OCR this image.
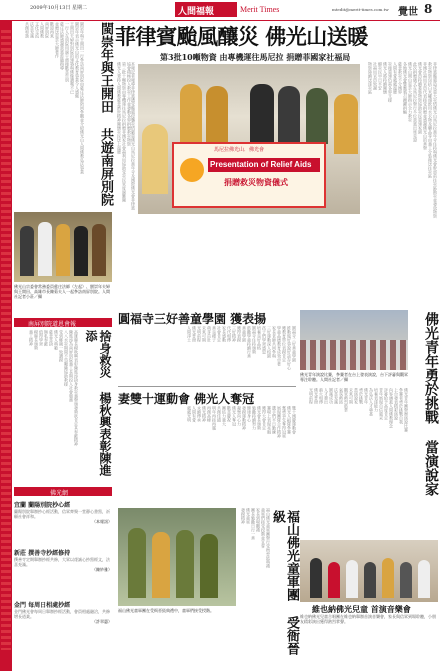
2009年10月13日 星期二	人間福報	Merit Times	mtedit@merit-times.com.tw 覺世 8
菲律賓颱風釀災 佛光山送暖
第3批10噸物資 由專機運往馬尼拉 捐贈菲國家社福局
本報記者報導菲律賓遭受颱風侵襲災情嚴重佛光山馬尼拉萬年寺及國際佛光會菲律賓協會積極投入救災工作並發動各界捐贈救災物資
第三批十噸物資由專機運往馬尼拉捐贈菲國家社會福利局協助受災民眾度過難關
佛光人秉持人間佛教慈悲濟世精神關懷災民送上溫暖	菲律賓颱風造成重大災情佛光山馬尼拉萬年寺住持與佛光會幹部前往災區勘災並發放物資
救災物資包括白米罐頭飲用水衣物及藥品等由義工分裝後送往災區
菲國社福局官員代表接受捐贈並感謝佛光山的善舉
佛光會員持續募集物資協助災民重建家園
此次捐贈儀式在馬尼拉舉行多位貴賓出席見證
佛光山開山星雲大師指示全力救災
各地佛光會響應號召踴躍捐輸
慈悲救災不分國界
人間有愛處處溫暖
災後重建仍需各界支援
佛光人將持續關懷
願災民早日平安
社福局官員致謝
物資陸續送達災區
馬尼拉佛光山．佛光會
Presentation of Relief Aids
捐贈救災物資儀式
閩崇年與王開田一行參訪南屏別院由慈庄法師陪同參觀並介紹佛光山人間佛教弘法事業
閩崇年表示佛光山的文化教育事業令人感佩
王開田夫婦對別院的建築與佛像讚嘆不已
一行人在別院用過午齋後歡喜告別
慈庄法師感謝貴賓蒞臨指導
並贈送星雲大師著作
歡迎再來
南屏別院
人間佛教
文化交流
法喜充滿
共創和諧	閩崇年與王開田 共遊南屏別院
佛光山宗委會常務委員慈庄法師（左起）、閩崇年夫婦與王開田、高雄市長陳菊夫人一起參訪南屏別院。人間社記者小莊／攝
南屏別院道恩會報
高雄縣長楊秋興表彰陳進添捨身救災義舉頒發獎狀肯定其奉獻精神
陳進添為南屏別院義工長期投入社會服務
八八水災期間不畏艱險協助救援
受到鄉親一致讚揚
佛光人典範
慈悲喜捨
無私奉獻
值得學習
楊縣長頒獎
義工精神	捨身救災 楊秋興表彰陳進添
佛光網
宜蘭 蘭陽別院抄心經
蘭陽別院舉辦抄心經活動，信眾齊聚一堂靜心書寫，祈願社會祥和。
（本報訊）
新莊 撰善寺抄經修持
撰善寺定期舉辦抄經共修，大眾以虔誠心抄寫經文，法喜充滿。
（陳妙雅）
金門 每周日相處抄經
金門佛光會每周日舉辦抄經活動，會員相處融洽，共修增長道業。
（許翠惠）
圓福寺三好善童學園 獲表揚
圓福寺三好善童學園
推動做好事說好話存好心
獲教育單位表揚肯定
學童品德教育成效卓著
家長老師共同參與
三好運動深入校園
孩子們學習感恩
培養良好品格
圓福寺住持頒獎
鼓勵學童持續行善
善童學園
獲得表揚
三好精神
代代相傳
家長感動
社會肯定
善良種子
萌芽茁壯
未來可期
光明前程
佛光普照
人間淨土
妻雙十運動會 佛光人奪冠
雙十國慶運動會
佛光人組隊參賽
奮勇爭先奪得冠軍
展現團隊合作精神
選手們平日勤練
賽場上表現亮眼
獲得大會肯定
佛光會長頒獎
勉勵持續努力
健康身心
發揚運動精神
凝聚向心力
佛光人奪冠
歡喜慶祝
團結力量大
共創佳績
明年再接再厲
再創高峰
佛光精神
永續傳承
人間有愛
處處光明
福山佛光童軍團在受衙晉級典禮中，童軍們接受授階。
福山佛光童軍團舉行受衙晉級典禮
童軍們接受授階並宣誓
家長到場觀禮
團長勉勵日行一善
佛光童軍
發揚精神	福山佛光童軍團 受衙晉級
佛光青年演說比賽，參賽者在台上發表演說，台下評審與觀眾專注聆聽。人間社記者／攝	佛光青年勇於挑戰 當演說家
佛光青年團舉辦演說比賽
參賽者勇於挑戰自我
上台發表精彩演說
內容涵蓋人間佛教理念
評審給予高度肯定
青年展現自信風采
培養表達能力
為弘法人才奠基
佛光青年
勇於挑戰
當演說家
未來可期
觀眾熱烈鼓掌
氣氛熱絡
法喜充滿
圓滿成功
人才輩出
薪火相傳
佛光普照
光明前程
維也納佛光兒童 首演音樂會
維也納佛光兒童合唱團在維也納舉辦首演音樂會，家長與信眾到場聆聽，小朋友精彩演出獲得熱烈掌聲。
